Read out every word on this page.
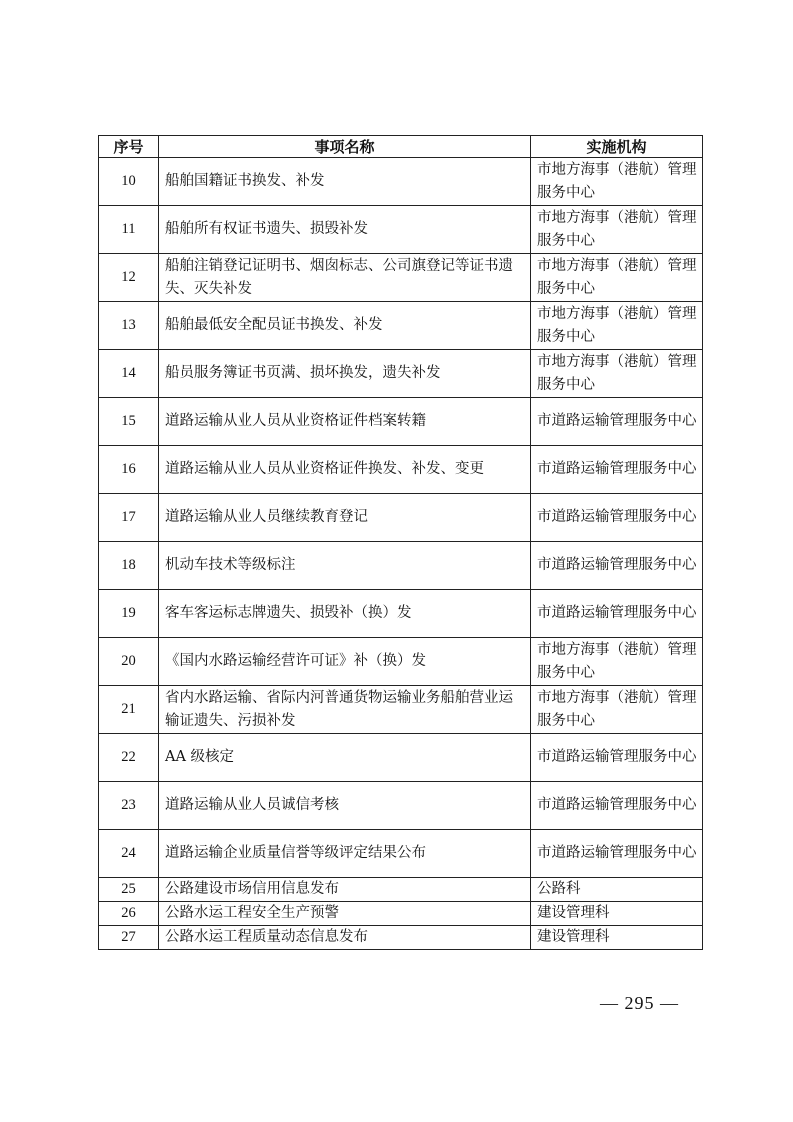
序号	事项名称	实施机构
10	船舶国籍证书换发、补发	市地方海事（港航）管理服务中心
11	船舶所有权证书遗失、损毁补发	市地方海事（港航）管理服务中心
12	船舶注销登记证明书、烟囱标志、公司旗登记等证书遗失、灭失补发	市地方海事（港航）管理服务中心
13	船舶最低安全配员证书换发、补发	市地方海事（港航）管理服务中心
14	船员服务簿证书页满、损坏换发，遗失补发	市地方海事（港航）管理服务中心
15	道路运输从业人员从业资格证件档案转籍	市道路运输管理服务中心
16	道路运输从业人员从业资格证件换发、补发、变更	市道路运输管理服务中心
17	道路运输从业人员继续教育登记	市道路运输管理服务中心
18	机动车技术等级标注	市道路运输管理服务中心
19	客车客运标志牌遗失、损毁补（换）发	市道路运输管理服务中心
20	《国内水路运输经营许可证》补（换）发	市地方海事（港航）管理服务中心
21	省内水路运输、省际内河普通货物运输业务船舶营业运输证遗失、污损补发	市地方海事（港航）管理服务中心
22	AA 级核定	市道路运输管理服务中心
23	道路运输从业人员诚信考核	市道路运输管理服务中心
24	道路运输企业质量信誉等级评定结果公布	市道路运输管理服务中心
25	公路建设市场信用信息发布	公路科
26	公路水运工程安全生产预警	建设管理科
27	公路水运工程质量动态信息发布	建设管理科
— 295 —
